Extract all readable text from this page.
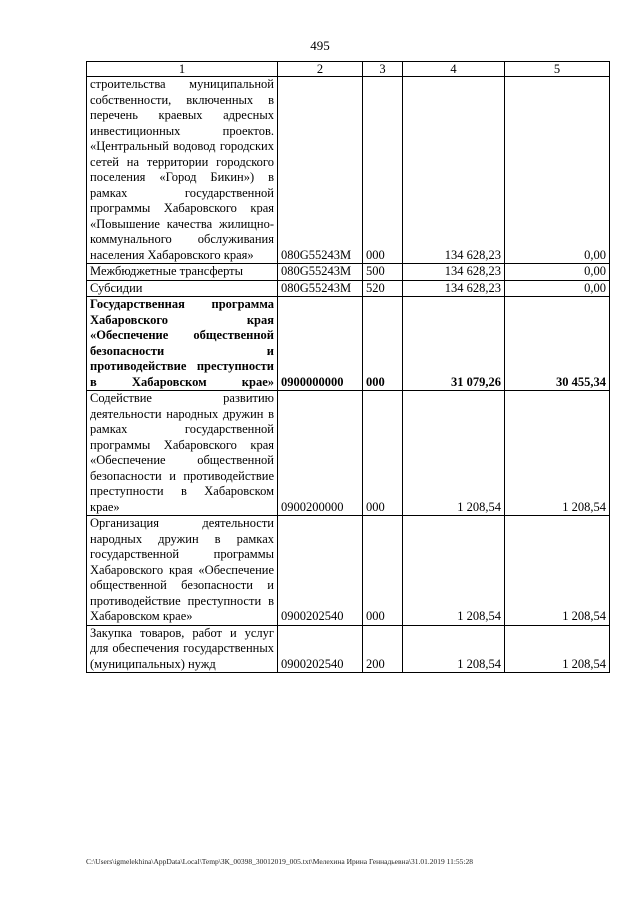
495
1	2	3	4	5
строительства муниципальной собственности, включенных в перечень краевых адресных инвестиционных проектов. «Центральный водовод городских сетей на территории городского поселения «Город Бикин») в рамках государственной программы Хабаровского края «Повышение качества жилищно-коммунального обслуживания населения Хабаровского края»	080G55243M	000	134 628,23	0,00
Межбюджетные трансферты	080G55243M	500	134 628,23	0,00
Субсидии	080G55243M	520	134 628,23	0,00
Государственная программа Хабаровского края «Обеспечение общественной безопасности и противодействие преступности в Хабаровском крае»	0900000000	000	31 079,26	30 455,34
Содействие развитию деятельности народных дружин в рамках государственной программы Хабаровского края «Обеспечение общественной безопасности и противодействие преступности в Хабаровском крае»	0900200000	000	1 208,54	1 208,54
Организация деятельности народных дружин в рамках государственной программы Хабаровского края «Обеспечение общественной безопасности и противодействие преступности в Хабаровском крае»	0900202540	000	1 208,54	1 208,54
Закупка товаров, работ и услуг для обеспечения государственных (муниципальных) нужд	0900202540	200	1 208,54	1 208,54
C:\Users\igmelekhina\AppData\Local\Temp\ЗК_00398_30012019_005.txt\Мелехина Ирина Геннадьевна\31.01.2019 11:55:28
